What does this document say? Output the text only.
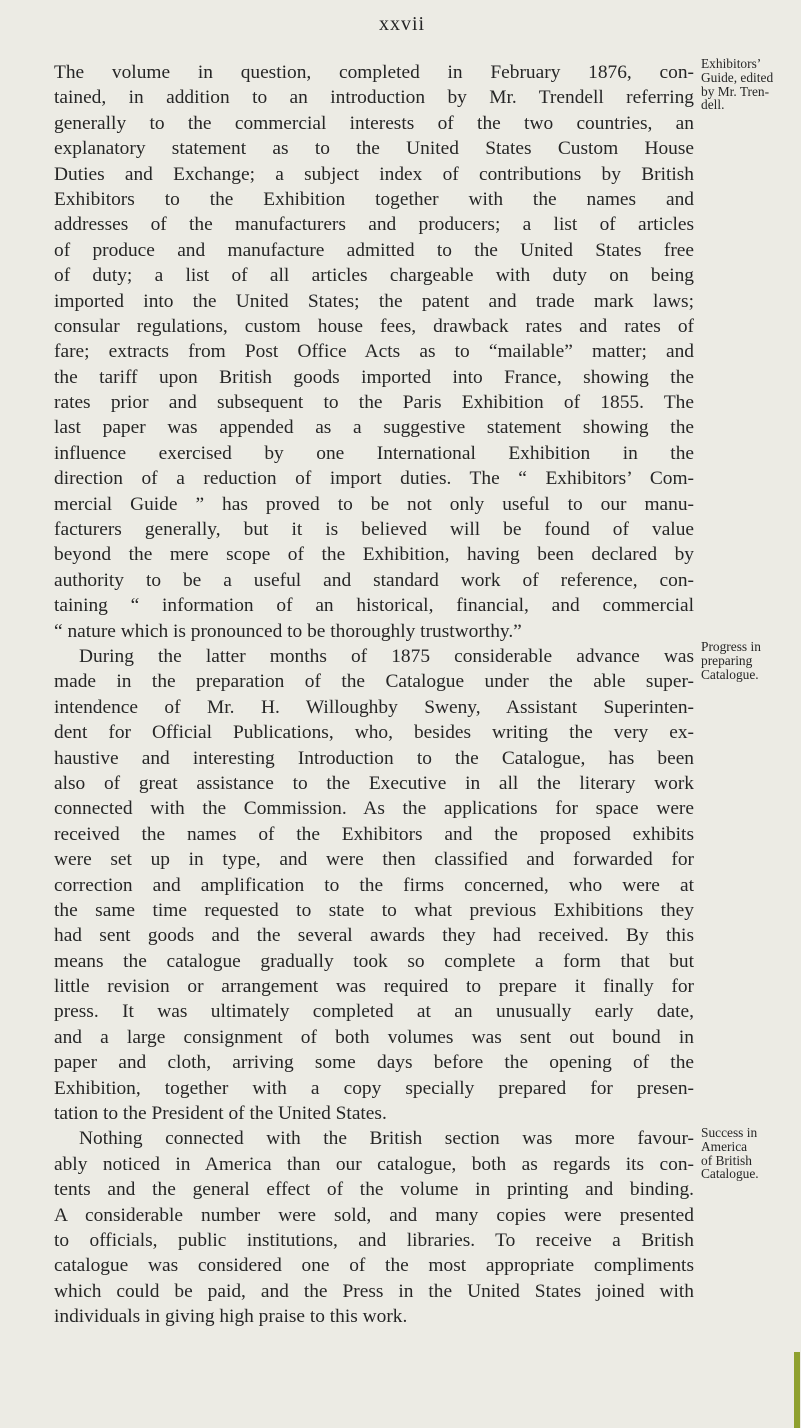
xxvii
The volume in question, completed in February 1876, con-
tained, in addition to an introduction by Mr. Trendell referring
generally to the commercial interests of the two countries, an
explanatory statement as to the United States Custom House
Duties and Exchange; a subject index of contributions by British
Exhibitors to the Exhibition together with the names and
addresses of the manufacturers and producers; a list of articles
of produce and manufacture admitted to the United States free
of duty; a list of all articles chargeable with duty on being
imported into the United States; the patent and trade mark laws;
consular regulations, custom house fees, drawback rates and rates of
fare; extracts from Post Office Acts as to “mailable” matter; and
the tariff upon British goods imported into France, showing the
rates prior and subsequent to the Paris Exhibition of 1855. The
last paper was appended as a suggestive statement showing the
influence exercised by one International Exhibition in the
direction of a reduction of import duties. The “ Exhibitors’ Com-
mercial Guide ” has proved to be not only useful to our manu-
facturers generally, but it is believed will be found of value
beyond the mere scope of the Exhibition, having been declared by
authority to be a useful and standard work of reference, con-
taining “ information of an historical, financial, and commercial
“ nature which is pronounced to be thoroughly trustworthy.”
During the latter months of 1875 considerable advance was
made in the preparation of the Catalogue under the able super-
intendence of Mr. H. Willoughby Sweny, Assistant Superinten-
dent for Official Publications, who, besides writing the very ex-
haustive and interesting Introduction to the Catalogue, has been
also of great assistance to the Executive in all the literary work
connected with the Commission. As the applications for space were
received the names of the Exhibitors and the proposed exhibits
were set up in type, and were then classified and forwarded for
correction and amplification to the firms concerned, who were at
the same time requested to state to what previous Exhibitions they
had sent goods and the several awards they had received. By this
means the catalogue gradually took so complete a form that but
little revision or arrangement was required to prepare it finally for
press. It was ultimately completed at an unusually early date,
and a large consignment of both volumes was sent out bound in
paper and cloth, arriving some days before the opening of the
Exhibition, together with a copy specially prepared for presen-
tation to the President of the United States.
Nothing connected with the British section was more favour-
ably noticed in America than our catalogue, both as regards its con-
tents and the general effect of the volume in printing and binding.
A considerable number were sold, and many copies were presented
to officials, public institutions, and libraries. To receive a British
catalogue was considered one of the most appropriate compliments
which could be paid, and the Press in the United States joined with
individuals in giving high praise to this work.
Exhibitors’
Guide, edited
by Mr. Tren-
dell.
Progress in
preparing
Catalogue.
Success in
America
of British
Catalogue.
